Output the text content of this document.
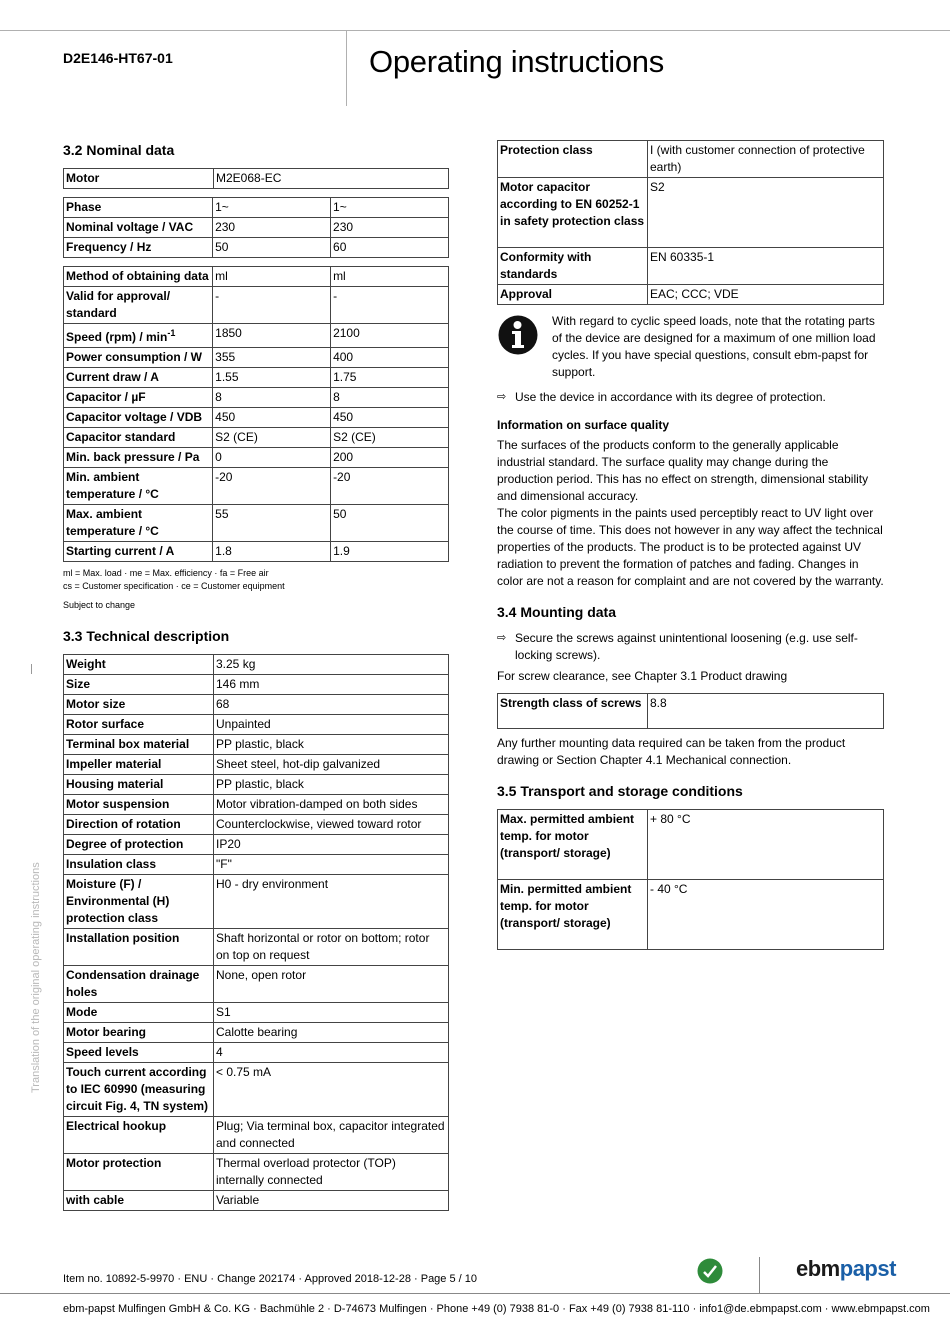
D2E146-HT67-01	Operating instructions
Translation of the original operating instructions
3.2 Nominal data
Motor	M2E068-EC
Phase	1~	1~
Nominal voltage / VAC	230	230
Frequency / Hz	50	60
Method of obtaining data	ml	ml
Valid for approval/ standard	-	-
Speed $(rpm) / \min^{-1}$	1850	2100
Power consumption / W	355	400
Current draw / A	1.55	1.75
Capacitor / µF	8	8
Capacitor voltage / VDB	450	450
Capacitor standard	S2 (CE)	S2 (CE)
Min. back pressure / Pa	0	200
Min. ambient temperature / °C	-20	-20
Max. ambient temperature / °C	55	50
Starting current / A	1.8	1.9
ml = Max. load · me = Max. efficiency · fa = Free air
cs = Customer specification · ce = Customer equipment
Subject to change
3.3 Technical description
Weight	3.25 kg
Size	146 mm
Motor size	68
Rotor surface	Unpainted
Terminal box material	PP plastic, black
Impeller material	Sheet steel, hot-dip galvanized
Housing material	PP plastic, black
Motor suspension	Motor vibration-damped on both sides
Direction of rotation	Counterclockwise, viewed toward rotor
Degree of protection	IP20
Insulation class	"F"
Moisture (F) / Environmental (H) protection class	H0 - dry environment
Installation position	Shaft horizontal or rotor on bottom; rotor on top on request
Condensation drainage holes	None, open rotor
Mode	S1
Motor bearing	Calotte bearing
Speed levels	4
Touch current according to IEC 60990 (measuring circuit Fig. 4, TN system)	< 0.75 mA
Electrical hookup	Plug; Via terminal box, capacitor integrated and connected
Motor protection	Thermal overload protector (TOP) internally connected
with cable	Variable
Protection class	I (with customer connection of protective earth)
Motor capacitor according to EN 60252-1 in safety protection class	S2
Conformity with standards	EN 60335-1
Approval	EAC; CCC; VDE

With regard to cyclic speed loads, note that the rotating parts of the device are designed for a maximum of one million load cycles. If you have special questions, consult ebm-papst for support.

⇨ Use the device in accordance with its degree of protection.
Information on surface quality

The surfaces of the products conform to the generally applicable industrial standard. The surface quality may change during the production period. This has no effect on strength, dimensional stability and dimensional accuracy.

The color pigments in the paints used perceptibly react to UV light over the course of time. This does not however in any way affect the technical properties of the products. The product is to be protected against UV radiation to prevent the formation of patches and fading. Changes in color are not a reason for complaint and are not covered by the warranty.

3.4 Mounting data
⇨ Secure the screws against unintentional loosening (e.g. use self-locking screws).

For screw clearance, see Chapter 3.1 Product drawing

Strength class of screws	8.8

Any further mounting data required can be taken from the product drawing or Section Chapter 4.1 Mechanical connection.

3.5 Transport and storage conditions
Max. permitted ambient temp. for motor (transport/ storage)	+ 80 °C
Min. permitted ambient temp. for motor (transport/ storage)	- 40 °C
Item no. 10892-5-9970 · ENU · Change 202174 · Approved 2018-12-28 · Page 5 / 10	ebmpapst
ebm-papst Mulfingen GmbH & Co. KG · Bachmühle 2 · D-74673 Mulfingen · Phone +49 (0) 7938 81-0 · Fax +49 (0) 7938 81-110 · info1@de.ebmpapst.com · www.ebmpapst.com
